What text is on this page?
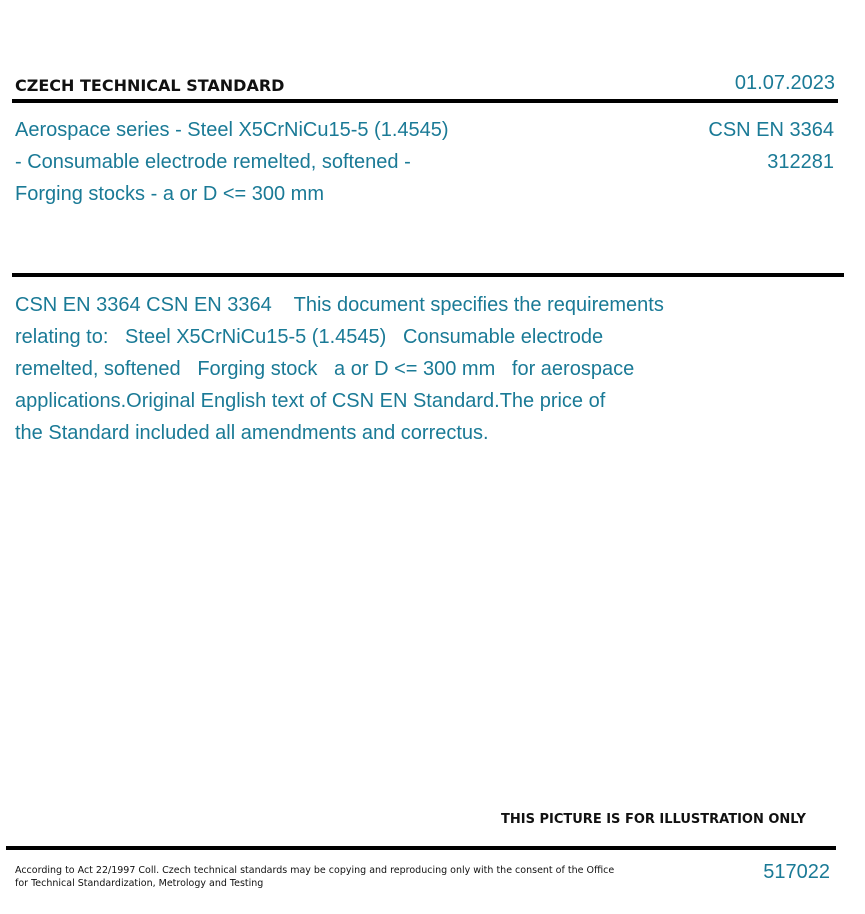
CZECH TECHNICAL STANDARD	01.07.2023
Aerospace series - Steel X5CrNiCu15-5 (1.4545)
- Consumable electrode remelted, softened -
Forging stocks - a or D <= 300 mm
CSN EN 3364
312281
CSN EN 3364 CSN EN 3364    This document specifies the requirements
relating to:   Steel X5CrNiCu15-5 (1.4545)   Consumable electrode
remelted, softened   Forging stock   a or D <= 300 mm   for aerospace
applications.Original English text of CSN EN Standard.The price of
the Standard included all amendments and correctus.
THIS PICTURE IS FOR ILLUSTRATION ONLY
According to Act 22/1997 Coll. Czech technical standards may be copying and reproducing only with the consent of the Office
for Technical Standardization, Metrology and Testing
517022
